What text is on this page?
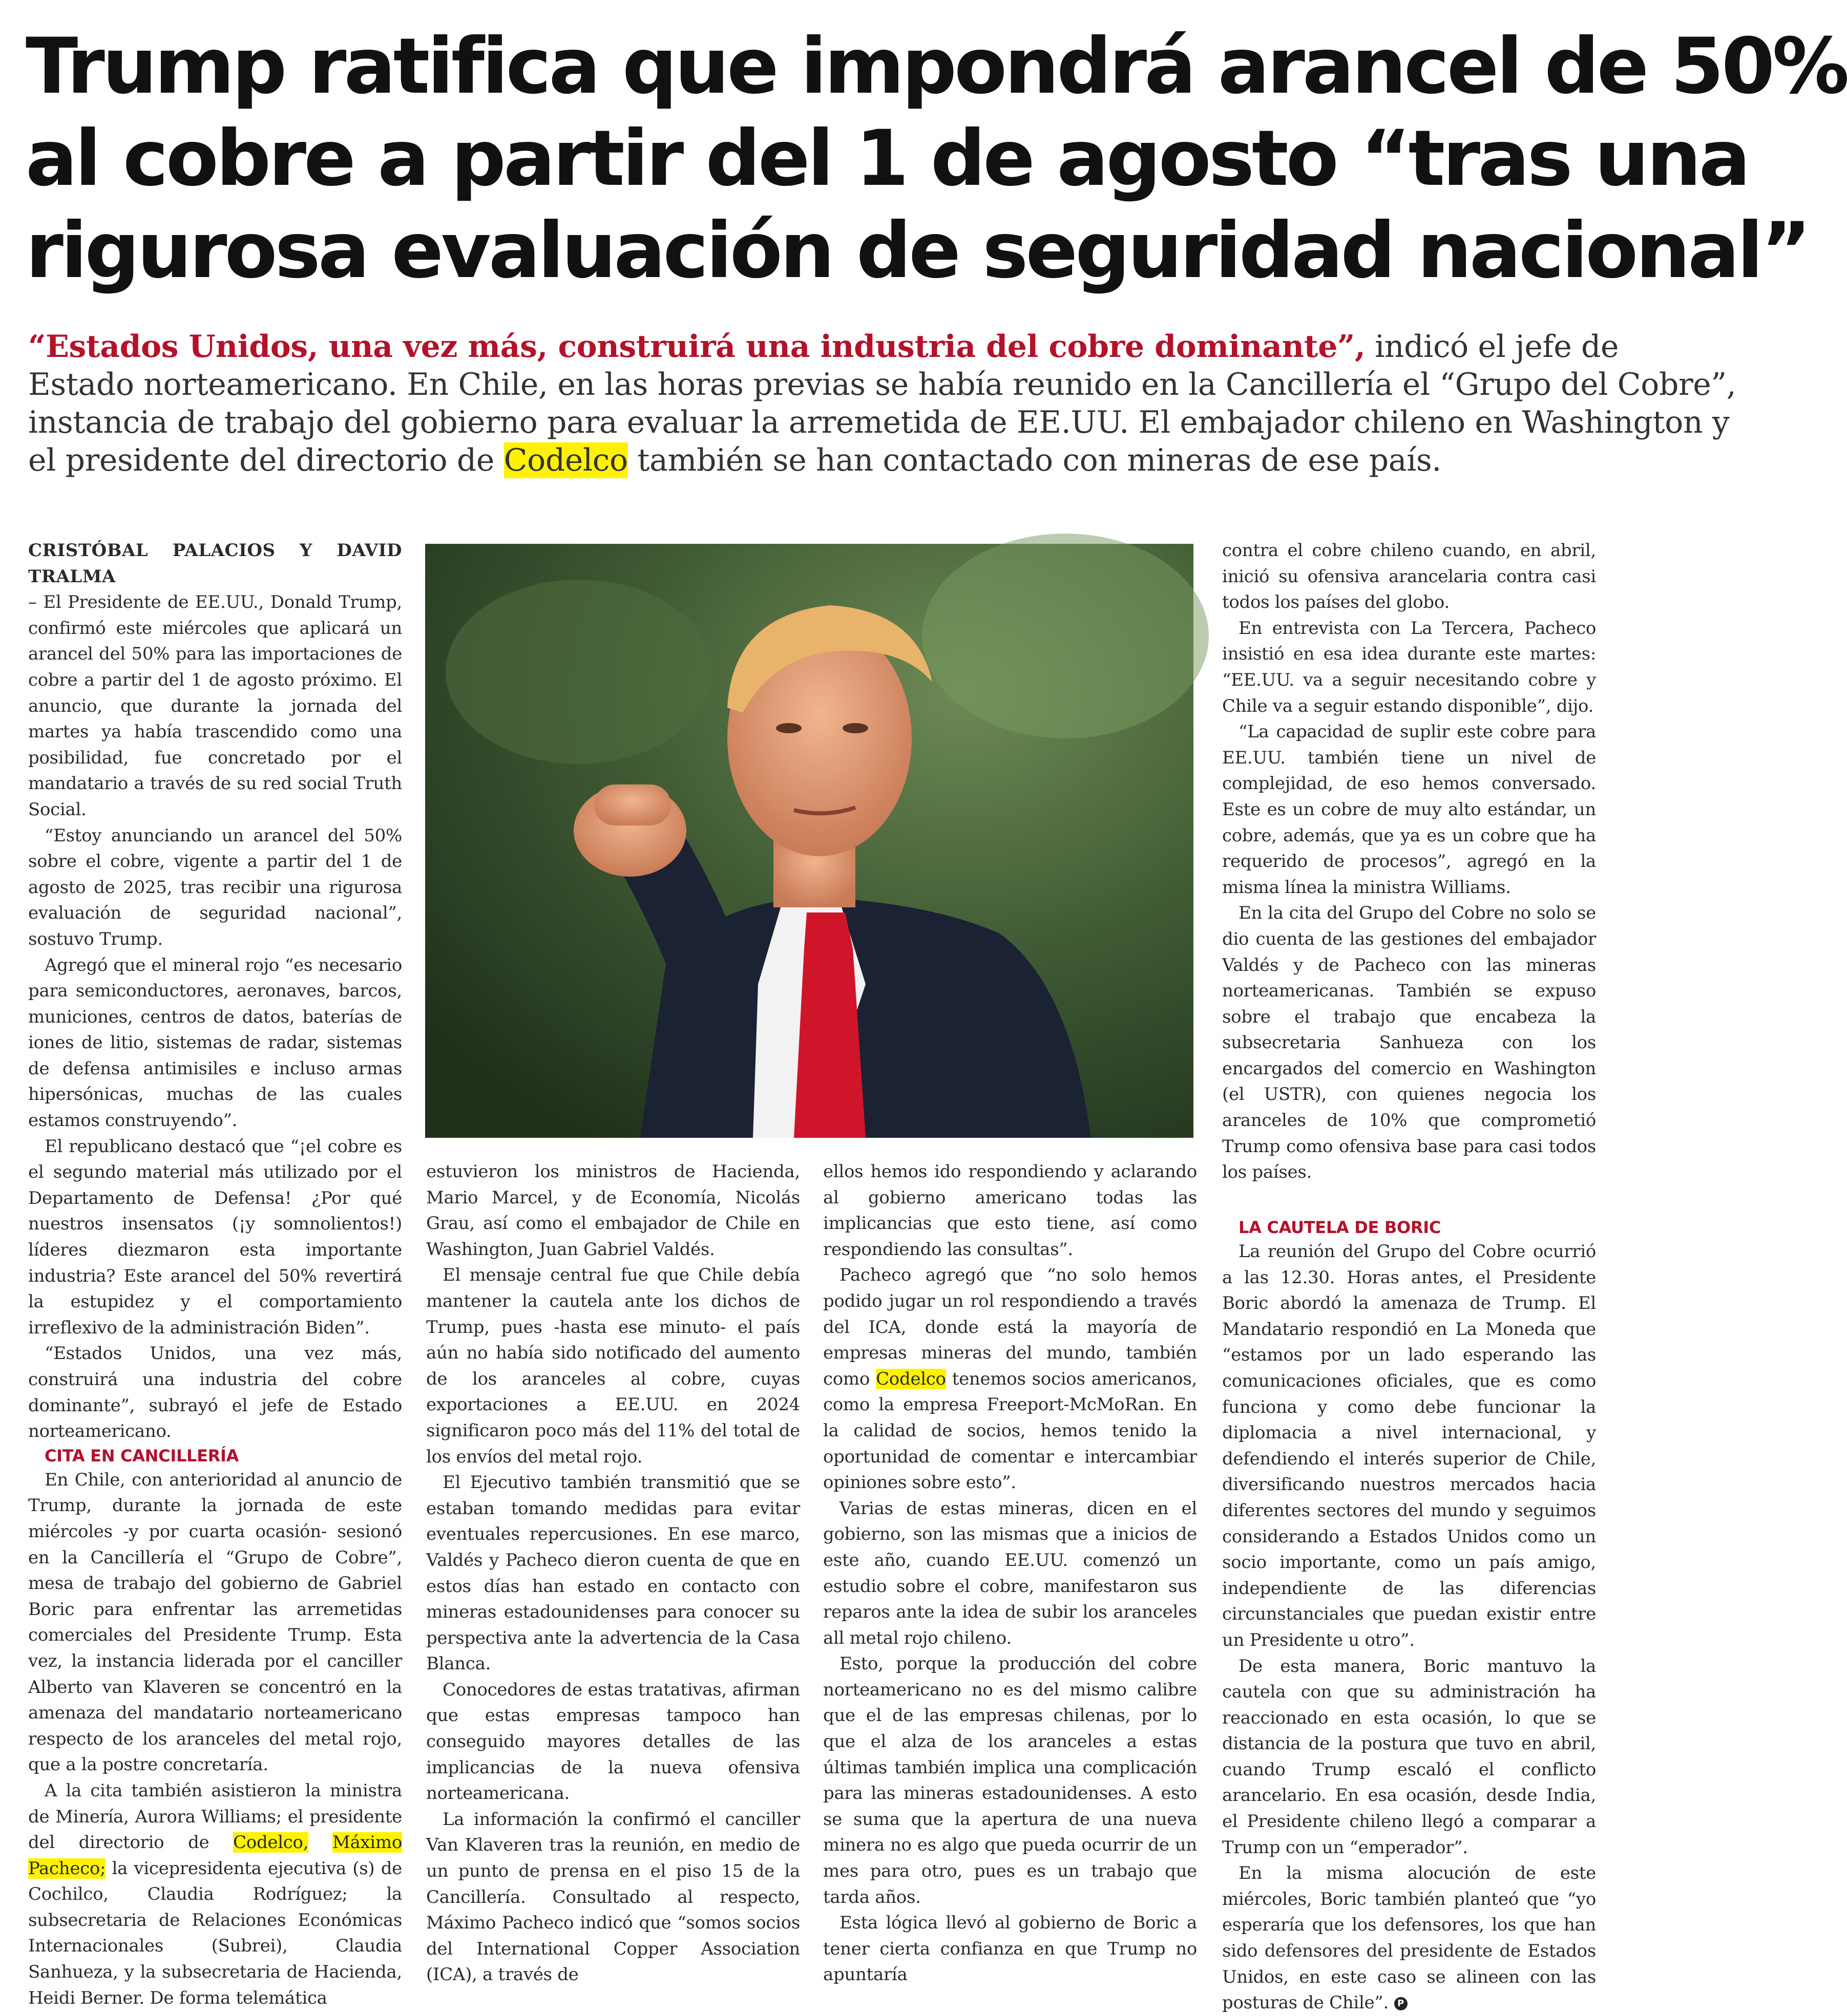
Trump ratifica que impondrá arancel de 50%
al cobre a partir del 1 de agosto “tras una
rigurosa evaluación de seguridad nacional”
“Estados Unidos, una vez más, construirá una industria del cobre dominante”, indicó el jefe de
Estado norteamericano. En Chile, en las horas previas se había reunido en la Cancillería el “Grupo del Cobre”,
instancia de trabajo del gobierno para evaluar la arremetida de EE.UU. El embajador chileno en Washington y
el presidente del directorio de Codelco también se han contactado con mineras de ese país.

CRISTÓBAL PALACIOS Y DAVID TRALMA

– El Presidente de EE.UU., Donald Trump, confirmó este miércoles que aplicará un arancel del 50% para las importaciones de cobre a partir del 1 de agosto próximo. El anuncio, que durante la jornada del martes ya había trascendido como una posibilidad, fue concretado por el mandatario a través de su red social Truth Social.

“Estoy anunciando un arancel del 50% sobre el cobre, vigente a partir del 1 de agosto de 2025, tras recibir una rigurosa evaluación de seguridad nacional”, sostuvo Trump.

Agregó que el mineral rojo “es necesario para semiconductores, aeronaves, barcos, municiones, centros de datos, baterías de iones de litio, sistemas de radar, sistemas de defensa antimisiles e incluso armas hipersónicas, muchas de las cuales estamos construyendo”.

El republicano destacó que “¡el cobre es el segundo material más utilizado por el Departamento de Defensa! ¿Por qué nuestros insensatos (¡y somnolientos!) líderes diezmaron esta importante industria? Este arancel del 50% revertirá la estupidez y el comportamiento irreflexivo de la administración Biden”.

“Estados Unidos, una vez más, construirá una industria del cobre dominante”, subrayó el jefe de Estado norteamericano.

CITA EN CANCILLERÍA

En Chile, con anterioridad al anuncio de Trump, durante la jornada de este miércoles -y por cuarta ocasión- sesionó en la Cancillería el “Grupo de Cobre”, mesa de trabajo del gobierno de Gabriel Boric para enfrentar las arremetidas comerciales del Presidente Trump. Esta vez, la instancia liderada por el canciller Alberto van Klaveren se concentró en la amenaza del mandatario norteamericano respecto de los aranceles del metal rojo, que a la postre concretaría.

A la cita también asistieron la ministra de Minería, Aurora Williams; el presidente del directorio de Codelco, Máximo Pacheco; la vicepresidenta ejecutiva (s) de Cochilco, Claudia Rodríguez; la subsecretaria de Relaciones Económicas Internacionales (Subrei), Claudia Sanhueza, y la subsecretaria de Hacienda, Heidi Berner. De forma telemática

estuvieron los ministros de Hacienda, Mario Marcel, y de Economía, Nicolás Grau, así como el embajador de Chile en Washington, Juan Gabriel Valdés.

El mensaje central fue que Chile debía mantener la cautela ante los dichos de Trump, pues -hasta ese minuto- el país aún no había sido notificado del aumento de los aranceles al cobre, cuyas exportaciones a EE.UU. en 2024 significaron poco más del 11% del total de los envíos del metal rojo.

El Ejecutivo también transmitió que se estaban tomando medidas para evitar eventuales repercusiones. En ese marco, Valdés y Pacheco dieron cuenta de que en estos días han estado en contacto con mineras estadounidenses para conocer su perspectiva ante la advertencia de la Casa Blanca.

Conocedores de estas tratativas, afirman que estas empresas tampoco han conseguido mayores detalles de las implicancias de la nueva ofensiva norteamericana.

La información la confirmó el canciller Van Klaveren tras la reunión, en medio de un punto de prensa en el piso 15 de la Cancillería. Consultado al respecto, Máximo Pacheco indicó que “somos socios del International Copper Association (ICA), a través de

LA CAUTELA DE BORIC

La reunión del Grupo del Cobre ocurrió a las 12.30. Horas antes, el Presidente Boric abordó la amenaza de Trump. El Mandatario respondió en La Moneda que “estamos por un lado esperando las comunicaciones oficiales, que es como funciona y como debe funcionar la diplomacia a nivel internacional, y defendiendo el interés superior de Chile, diversificando nuestros mercados hacia diferentes sectores del mundo y seguimos considerando a Estados Unidos como un socio importante, como un país amigo, independiente de las diferencias circunstanciales que puedan existir entre un Presidente u otro”.

De esta manera, Boric mantuvo la cautela con que su administración ha reaccionado en esta ocasión, lo que se distancia de la postura que tuvo en abril, cuando Trump escaló el conflicto arancelario. En esa ocasión, desde India, el Presidente chileno llegó a comparar a Trump con un “emperador”.

En la misma alocución de este miércoles, Boric también planteó que “yo esperaría que los defensores, los que han sido defensores del presidente de Estados Unidos, en este caso se alineen con las posturas de Chile”. P

contra el cobre chileno cuando, en abril, inició su ofensiva arancelaria contra casi todos los países del globo.

En entrevista con La Tercera, Pacheco insistió en esa idea durante este martes: “EE.UU. va a seguir necesitando cobre y Chile va a seguir estando disponible”, dijo.

“La capacidad de suplir este cobre para EE.UU. también tiene un nivel de complejidad, de eso hemos conversado. Este es un cobre de muy alto estándar, un cobre, además, que ya es un cobre que ha requerido de procesos”, agregó en la misma línea la ministra Williams.

En la cita del Grupo del Cobre no solo se dio cuenta de las gestiones del embajador Valdés y de Pacheco con las mineras norteamericanas. También se expuso sobre el trabajo que encabeza la subsecretaria Sanhueza con los encargados del comercio en Washington (el USTR), con quienes negocia los aranceles de 10% que comprometió Trump como ofensiva base para casi todos los países.

ellos hemos ido respondiendo y aclarando al gobierno americano todas las implicancias que esto tiene, así como respondiendo las consultas”.

Pacheco agregó que “no solo hemos podido jugar un rol respondiendo a través del ICA, donde está la mayoría de empresas mineras del mundo, también como Codelco tenemos socios americanos, como la empresa Freeport-McMoRan. En la calidad de socios, hemos tenido la oportunidad de comentar e intercambiar opiniones sobre esto”.

Varias de estas mineras, dicen en el gobierno, son las mismas que a inicios de este año, cuando EE.UU. comenzó un estudio sobre el cobre, manifestaron sus reparos ante la idea de subir los aranceles all metal rojo chileno.

Esto, porque la producción del cobre norteamericano no es del mismo calibre que el de las empresas chilenas, por lo que el alza de los aranceles a estas últimas también implica una complicación para las mineras estadounidenses. A esto se suma que la apertura de una nueva minera no es algo que pueda ocurrir de un mes para otro, pues es un trabajo que tarda años.

Esta lógica llevó al gobierno de Boric a tener cierta confianza en que Trump no apuntaría
